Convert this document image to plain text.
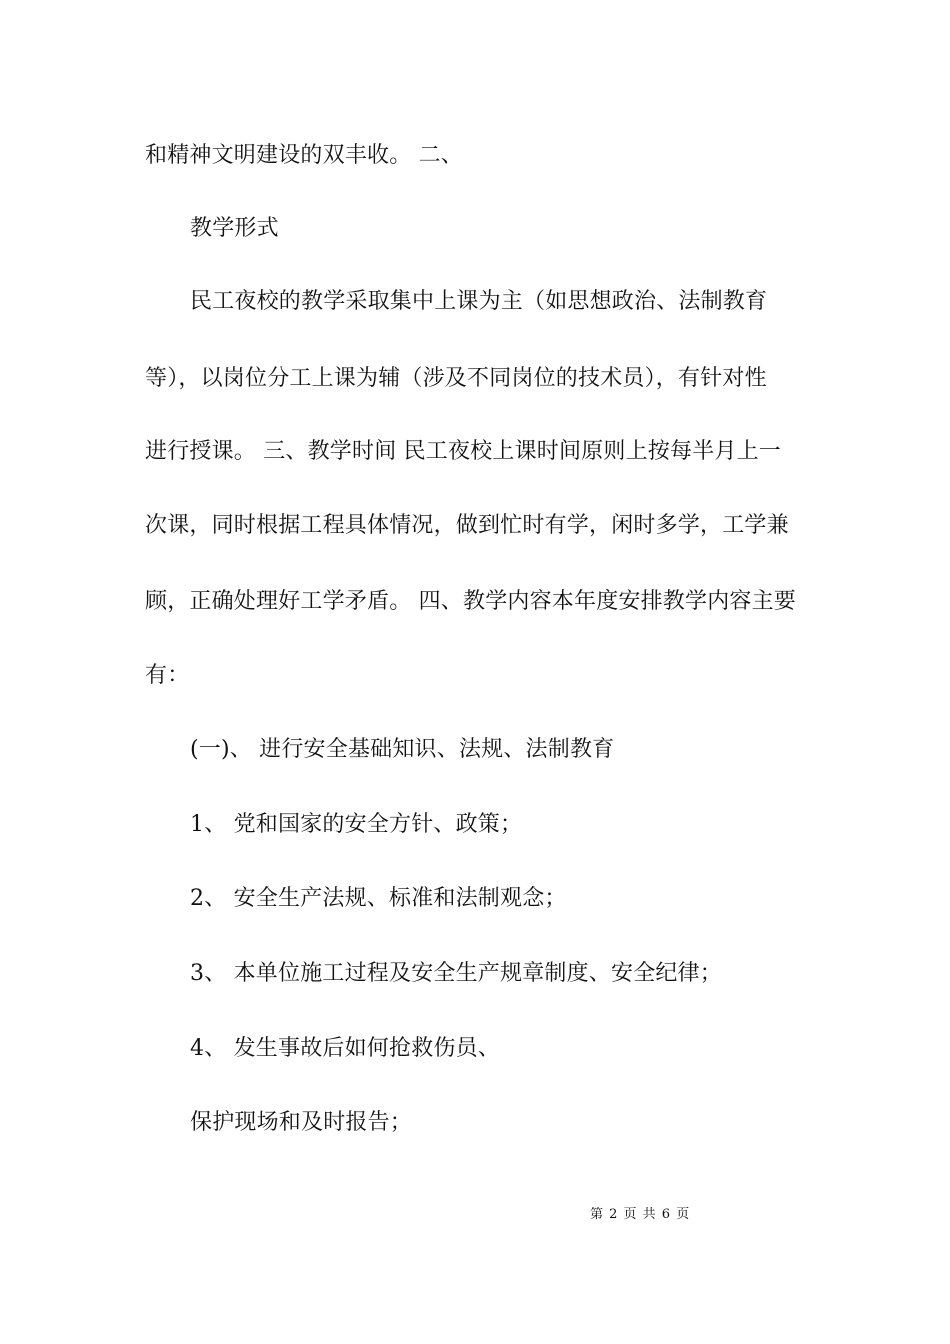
和精神文明建设的双丰收。 二、
教学形式
民工夜校的教学采取集中上课为主（如思想政治、法制教育
等），以岗位分工上课为辅（涉及不同岗位的技术员），有针对性
进行授课。 三、教学时间 民工夜校上课时间原则上按每半月上一
次课，同时根据工程具体情况，做到忙时有学，闲时多学，工学兼
顾，正确处理好工学矛盾。 四、教学内容本年度安排教学内容主要
有：
(一)、 进行安全基础知识、法规、法制教育
1、 党和国家的安全方针、政策；
2、 安全生产法规、标准和法制观念；
3、 本单位施工过程及安全生产规章制度、安全纪律；
4、 发生事故后如何抢救伤员、
保护现场和及时报告；
第 2 页 共 6 页
